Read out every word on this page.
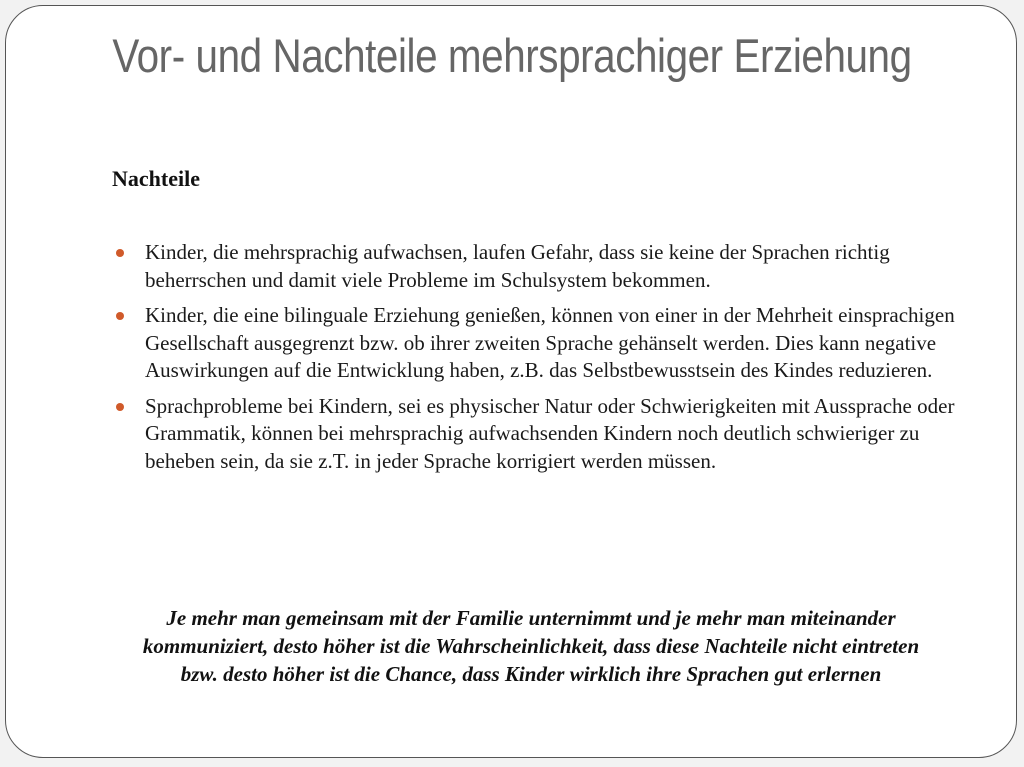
Vor- und Nachteile mehrsprachiger Erziehung
Nachteile
Kinder, die mehrsprachig aufwachsen, laufen Gefahr, dass sie keine der Sprachen richtig beherrschen und damit viele Probleme im Schulsystem bekommen.
Kinder, die eine bilinguale Erziehung genießen, können von einer in der Mehrheit einsprachigen Gesellschaft ausgegrenzt bzw. ob ihrer zweiten Sprache gehänselt werden. Dies kann negative Auswirkungen auf die Entwicklung haben, z.B. das Selbstbewusstsein des Kindes reduzieren.
Sprachprobleme bei Kindern, sei es physischer Natur oder Schwierigkeiten mit Aussprache oder Grammatik, können bei mehrsprachig aufwachsenden Kindern noch deutlich schwieriger zu beheben sein, da sie z.T. in jeder Sprache korrigiert werden müssen.
Je mehr man gemeinsam mit der Familie unternimmt und je mehr man miteinander kommuniziert, desto höher ist die Wahrscheinlichkeit, dass diese Nachteile nicht eintreten bzw. desto höher ist die Chance, dass Kinder wirklich ihre Sprachen gut erlernen
